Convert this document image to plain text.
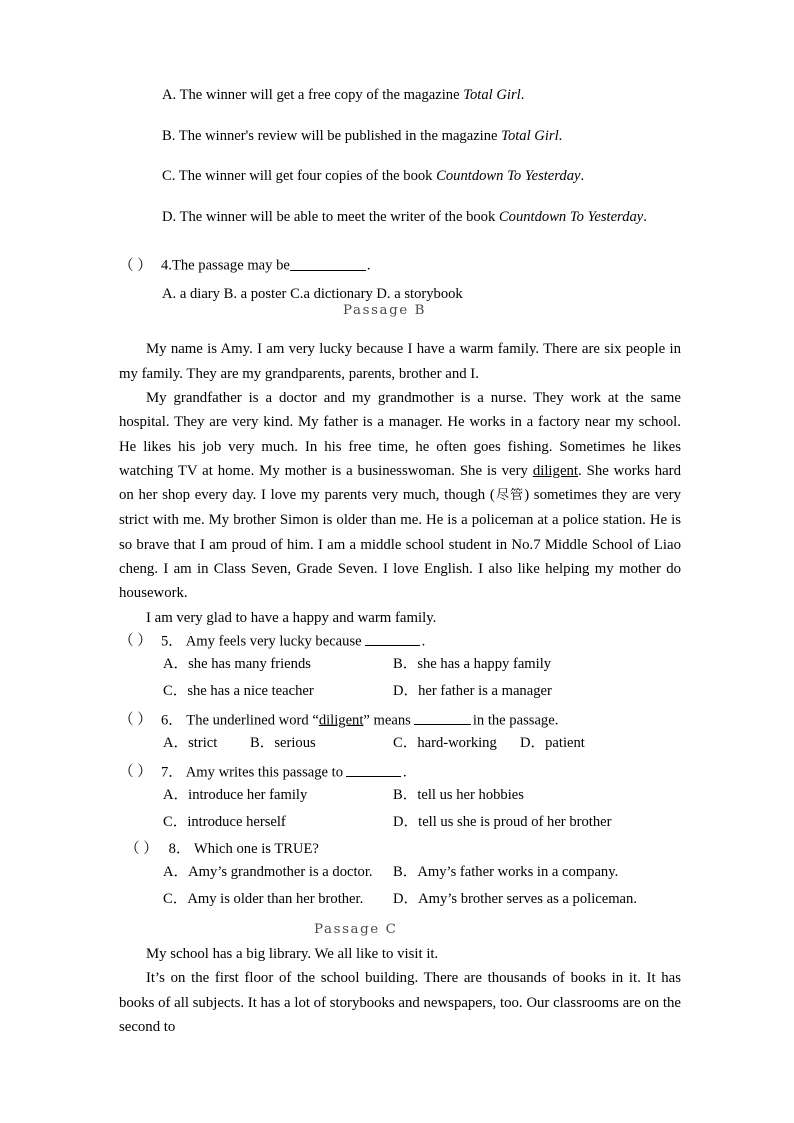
A. The winner will get a free copy of the magazine Total Girl.
B. The winner's review will be published in the magazine Total Girl.
C. The winner will get four copies of the book Countdown To Yesterday.
D. The winner will be able to meet the writer of the book Countdown To Yesterday.
（ ） 4.The passage may be	.
A. a diary B. a poster C.a dictionary D. a storybook
Passage B
My name is Amy. I am very lucky because I have a warm family. There are six people in my family. They are my grandparents, parents, brother and I.
My grandfather is a doctor and my grandmother is a nurse. They work at the same hospital. They are very kind. My father is a manager. He works in a factory near my school. He likes his job very much. In his free time, he often goes fishing. Sometimes he likes watching TV at home. My mother is a businesswoman. She is very diligent. She works hard on her shop every day. I love my parents very much, though (尽管) sometimes they are very strict with me. My brother Simon is older than me. He is a policeman at a police station. He is so brave that I am proud of him. I am a middle school student in No.7 Middle School of Liao cheng. I am in Class Seven, Grade Seven. I love English. I also like helping my mother do housework.
I am very glad to have a happy and warm family.
（ ） 5． Amy feels very lucky because	.
A．she has many friends	B．she has a happy family
C．she has a nice teacher	D．her father is a manager
（ ） 6． The underlined word “diligent” means	in the passage.
A．strict B．serious	C．hard-working D．patient
（ ） 7． Amy writes this passage to	.
A．introduce her family	B．tell us her hobbies
C．introduce herself	D．tell us she is proud of her brother
（ ） 8． Which one is TRUE?
A．Amy’s grandmother is a doctor. B．Amy’s father works in a company.
C．Amy is older than her brother. D．Amy’s brother serves as a policeman.
Passage C
My school has a big library. We all like to visit it.
It’s on the first floor of the school building. There are thousands of books in it. It has books of all subjects. It has a lot of storybooks and newspapers, too. Our classrooms are on the second to
